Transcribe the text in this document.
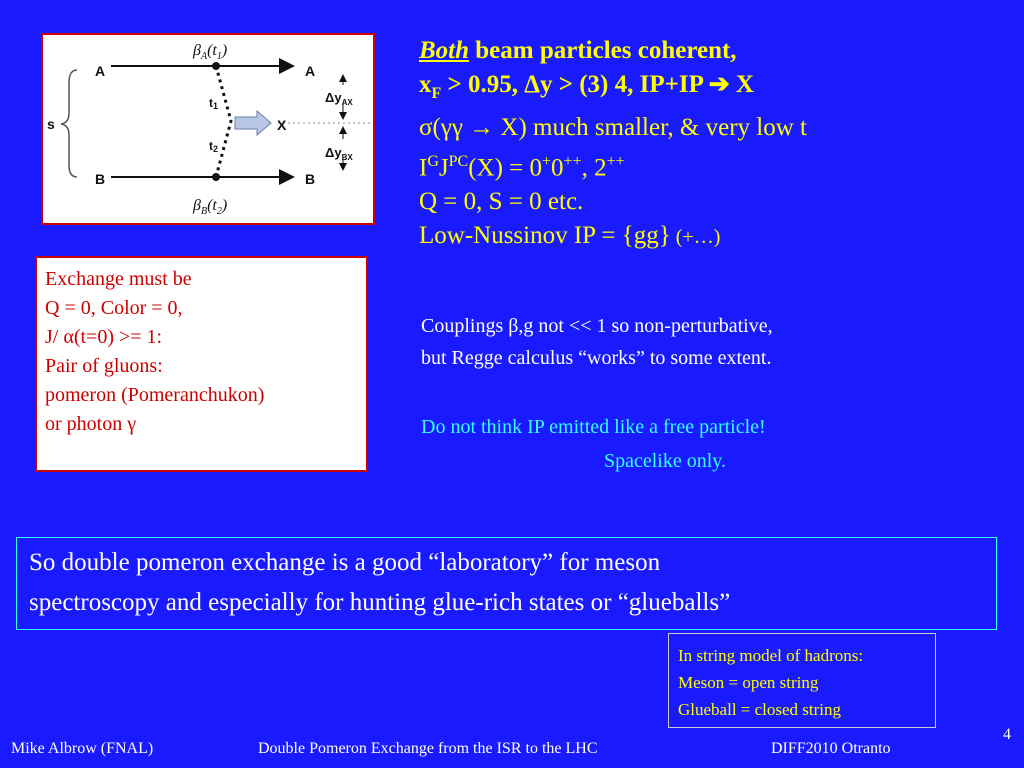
$\beta_A(t_1)$
$\beta_B(t_2)$
A	A
B	B
s
t1
t2
X
$\Delta y_{AX}$
$\Delta y_{BX}$
Exchange must be
Q = 0, Color = 0,
J/ α(t=0) >= 1:
Pair of gluons:
pomeron (Pomeranchukon)
or photon γ
Both beam particles coherent,
$x_F > 0.95$, Δy > (3) 4, IP+IP ➔ X
σ(γγ → X) much smaller, & very low t
$I^GJ^{PC}(X) = 0^+0^{++}$, 2++
Q = 0, S = 0 etc.
Low-Nussinov IP = {gg} (+…)
Couplings β,g not << 1 so non-perturbative,
but Regge calculus “works” to some extent.
Do not think IP emitted like a free particle!
Spacelike only.
So double pomeron exchange is a good “laboratory” for meson
spectroscopy and especially for hunting glue-rich states or “glueballs”
In string model of hadrons:
Meson = open string
Glueball = closed string
Mike Albrow (FNAL)	Double Pomeron Exchange from the ISR to the LHC	DIFF2010 Otranto
4
